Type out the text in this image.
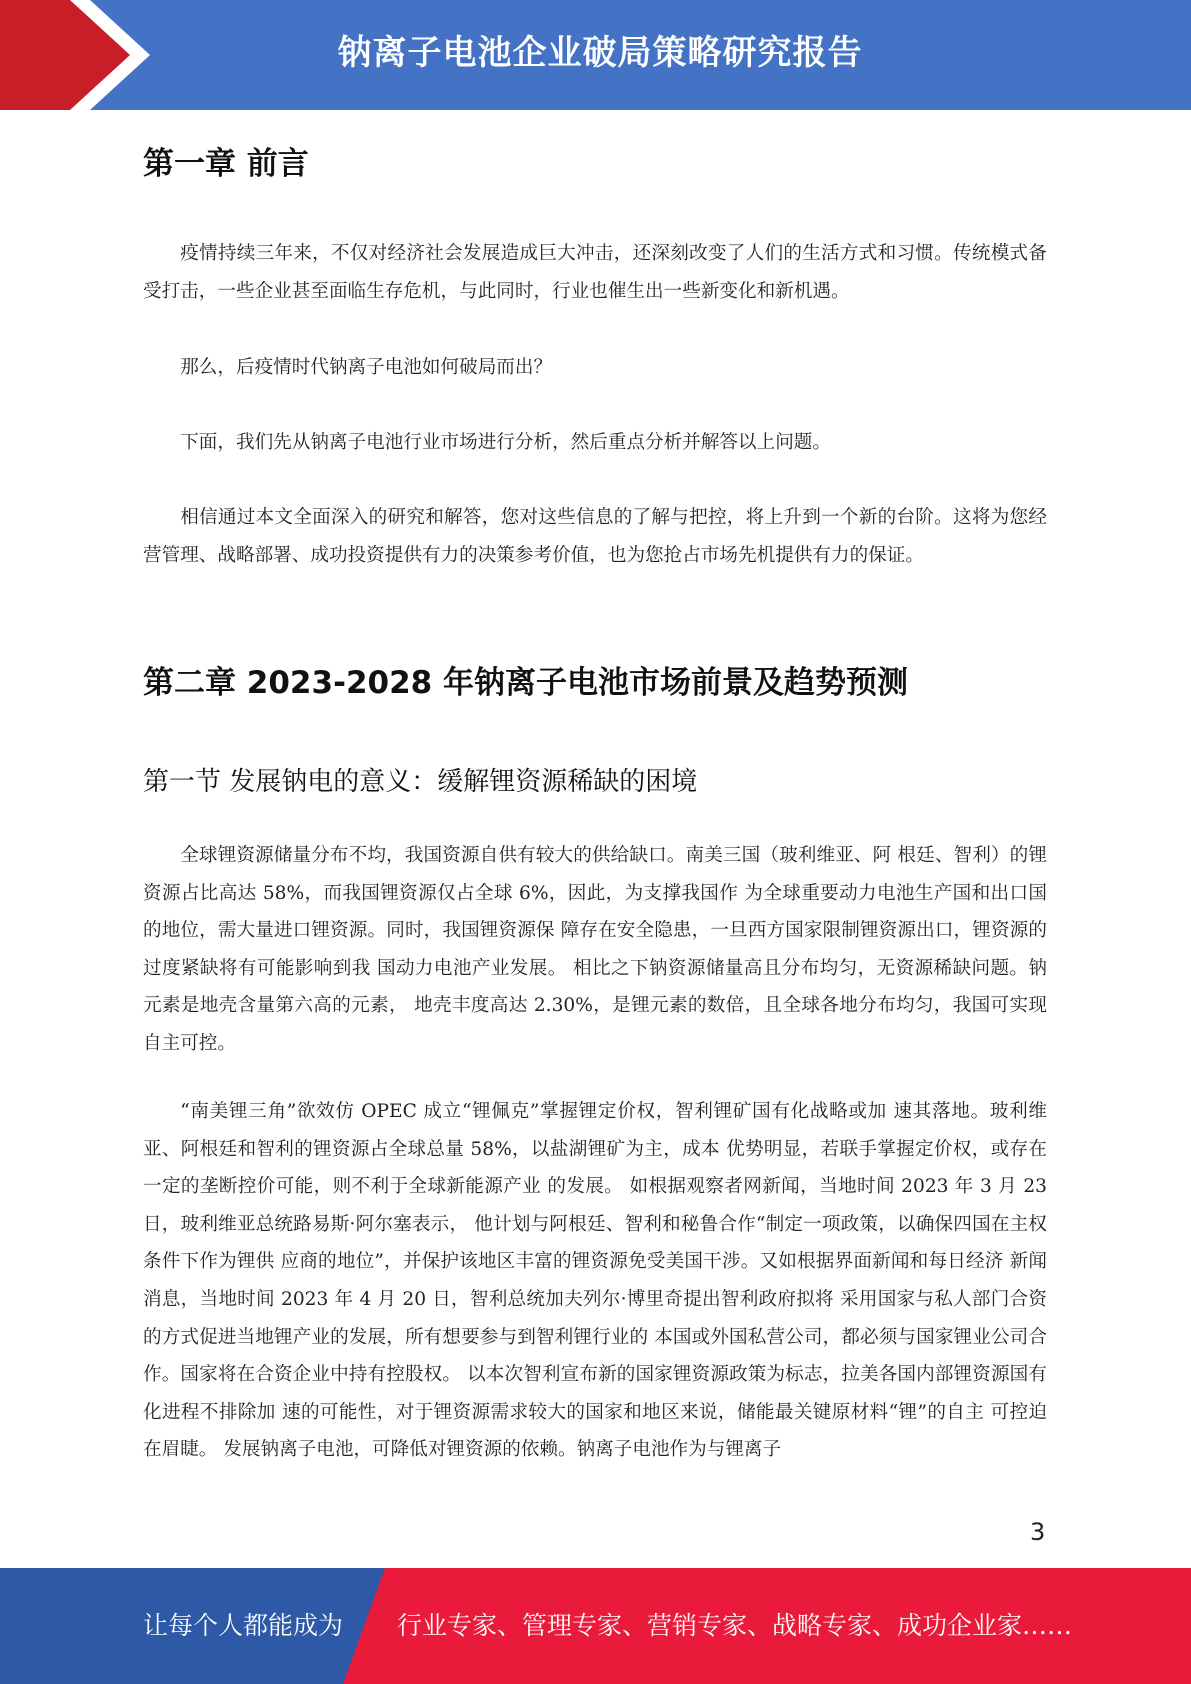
钠离子电池企业破局策略研究报告
第一章 前言

疫情持续三年来，不仅对经济社会发展造成巨大冲击，还深刻改变了人们的生活方式和习惯。传统模式备受打击，一些企业甚至面临生存危机，与此同时，行业也催生出一些新变化和新机遇。

那么，后疫情时代钠离子电池如何破局而出？

下面，我们先从钠离子电池行业市场进行分析，然后重点分析并解答以上问题。

相信通过本文全面深入的研究和解答，您对这些信息的了解与把控，将上升到一个新的台阶。这将为您经营管理、战略部署、成功投资提供有力的决策参考价值，也为您抢占市场先机提供有力的保证。

第二章 2023-2028 年钠离子电池市场前景及趋势预测
第一节 发展钠电的意义：缓解锂资源稀缺的困境

全球锂资源储量分布不均，我国资源自供有较大的供给缺口。南美三国（玻利维亚、阿 根廷、智利）的锂资源占比高达 58%，而我国锂资源仅占全球 6%，因此，为支撑我国作 为全球重要动力电池生产国和出口国的地位，需大量进口锂资源。同时，我国锂资源保 障存在安全隐患，一旦西方国家限制锂资源出口，锂资源的过度紧缺将有可能影响到我 国动力电池产业发展。 相比之下钠资源储量高且分布均匀，无资源稀缺问题。钠元素是地壳含量第六高的元素， 地壳丰度高达 2.30%，是锂元素的数倍，且全球各地分布均匀，我国可实现自主可控。

“南美锂三角”欲效仿 OPEC 成立“锂佩克”掌握锂定价权，智利锂矿国有化战略或加 速其落地。玻利维亚、阿根廷和智利的锂资源占全球总量 58%，以盐湖锂矿为主，成本 优势明显，若联手掌握定价权，或存在一定的垄断控价可能，则不利于全球新能源产业 的发展。 如根据观察者网新闻，当地时间 2023 年 3 月 23 日，玻利维亚总统路易斯·阿尔塞表示， 他计划与阿根廷、智利和秘鲁合作“制定一项政策，以确保四国在主权条件下作为锂供 应商的地位”，并保护该地区丰富的锂资源免受美国干涉。又如根据界面新闻和每日经济 新闻消息，当地时间 2023 年 4 月 20 日，智利总统加夫列尔·博里奇提出智利政府拟将 采用国家与私人部门合资的方式促进当地锂产业的发展，所有想要参与到智利锂行业的 本国或外国私营公司，都必须与国家锂业公司合作。国家将在合资企业中持有控股权。 以本次智利宣布新的国家锂资源政策为标志，拉美各国内部锂资源国有化进程不排除加 速的可能性，对于锂资源需求较大的国家和地区来说，储能最关键原材料“锂”的自主 可控迫在眉睫。 发展钠离子电池，可降低对锂资源的依赖。钠离子电池作为与锂离子

3
让每个人都能成为 行业专家、管理专家、营销专家、战略专家、成功企业家……
